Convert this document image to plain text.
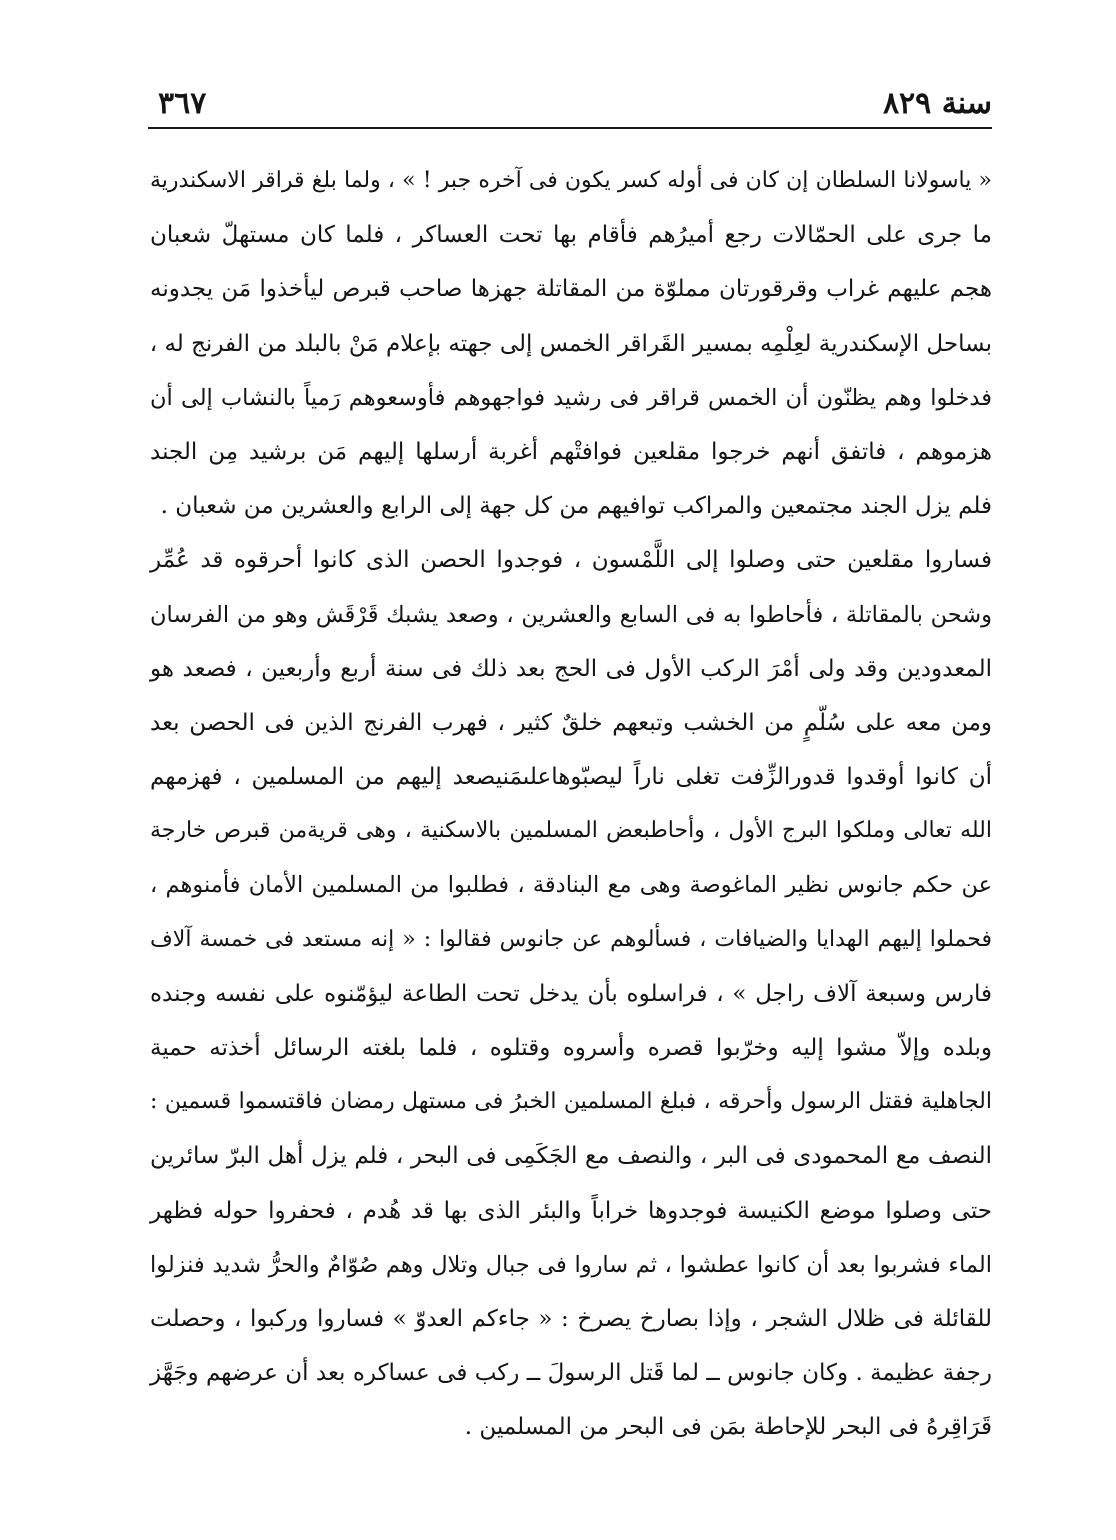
٣٦٧	سنة ٨٢٩
« ياسولانا السلطان إن كان فى أوله كسر يكون فى آخره جبر ! » ، ولما بلغ قراقر الاسكندرية
ما جرى على الحمّالات رجع أميرُهم فأقام بها تحت العساكر ، فلما كان مستهلّ شعبان
هجم عليهم غراب وقرقورتان مملوّة من المقاتلة جهزها صاحب قبرص ليأخذوا مَن يجدونه
بساحل الإسكندرية لعِلْمِه بمسير القَراقر الخمس إلى جهته بإعلام مَنْ بالبلد من الفرنج له ،
فدخلوا وهم يظنّون أن الخمس قراقر فى رشيد فواجهوهم فأوسعوهم رَمياً بالنشاب إلى أن
هزموهم ، فاتفق أنهم خرجوا مقلعين فوافتْهم أغربة أرسلها إليهم مَن برشيد مِن الجند
فلم يزل الجند مجتمعين والمراكب توافيهم من كل جهة إلى الرابع والعشرين من شعبان .
فساروا مقلعين حتى وصلوا إلى اللَّمْسون ، فوجدوا الحصن الذى كانوا أحرقوه قد عُمِّر
وشحن بالمقاتلة ، فأحاطوا به فى السابع والعشرين ، وصعد يشبك قَرْقَش وهو من الفرسان
المعدودين وقد ولى أمْرَ الركب الأول فى الحج بعد ذلك فى سنة أربع وأربعين ، فصعد هو
ومن معه على سُلّمٍ من الخشب وتبعهم خلقٌ كثير ، فهرب الفرنج الذين فى الحصن بعد
أن كانوا أوقدوا قدورالزِّفت تغلى ناراً ليصبّوهاعلىمَنيصعد إليهم من المسلمين ، فهزمهم
الله تعالى وملكوا البرج الأول ، وأحاطبعض المسلمين بالاسكنية ، وهى قريةمن قبرص خارجة
عن حكم جانوس نظير الماغوصة وهى مع البنادقة ، فطلبوا من المسلمين الأمان فأمنوهم ،
فحملوا إليهم الهدايا والضيافات ، فسألوهم عن جانوس فقالوا : « إنه مستعد فى خمسة آلاف
فارس وسبعة آلاف راجل » ، فراسلوه بأن يدخل تحت الطاعة ليؤمّنوه على نفسه وجنده
وبلده وإلاّ مشوا إليه وخرّبوا قصره وأسروه وقتلوه ، فلما بلغته الرسائل أخذته حمية
الجاهلية فقتل الرسول وأحرقه ، فبلغ المسلمين الخبرُ فى مستهل رمضان فاقتسموا قسمين :
النصف مع المحمودى فى البر ، والنصف مع الجَكَمِى فى البحر ، فلم يزل أهل البرّ سائرين
حتى وصلوا موضع الكنيسة فوجدوها خراباً والبئر الذى بها قد هُدم ، فحفروا حوله فظهر
الماء فشربوا بعد أن كانوا عطشوا ، ثم ساروا فى جبال وتلال وهم صُوّامٌ والحرُّ شديد فنزلوا
للقائلة فى ظلال الشجر ، وإذا بصارخ يصرخ : « جاءكم العدوّ » فساروا وركبوا ، وحصلت
رجفة عظيمة . وكان جانوس ــ لما قَتل الرسولَ ــ ركب فى عساكره بعد أن عرضهم وجَهَّز
قَرَاقِرهُ فى البحر للإحاطة بمَن فى البحر من المسلمين .
